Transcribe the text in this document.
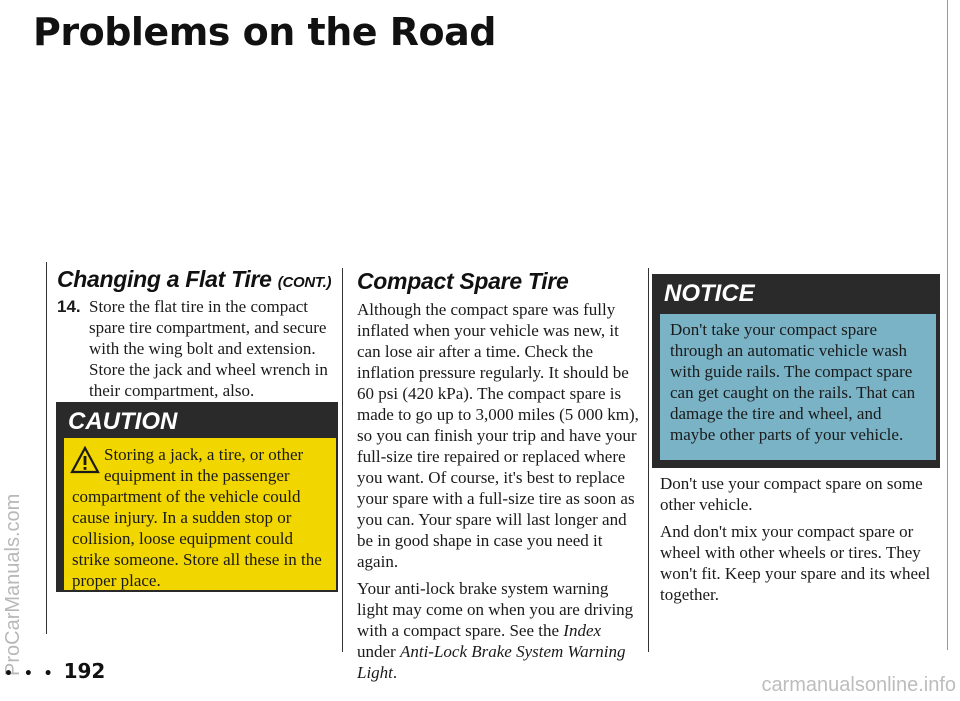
Problems on the Road
ProCarManuals.com
Changing a Flat Tire (CONT.)
14. Store the flat tire in the compact spare tire compartment, and secure with the wing bolt and extension. Store the jack and wheel wrench in their compartment, also.
CAUTION
Storing a jack, a tire, or other equipment in the passenger compartment of the vehicle could cause injury. In a sudden stop or collision, loose equipment could strike someone. Store all these in the proper place.
Compact Spare Tire

Although the compact spare was fully inflated when your vehicle was new, it can lose air after a time. Check the inflation pressure regularly. It should be 60 psi (420 kPa). The compact spare is made to go up to 3,000 miles (5 000 km), so you can finish your trip and have your full-size tire repaired or replaced where you want. Of course, it's best to replace your spare with a full-size tire as soon as you can. Your spare will last longer and be in good shape in case you need it again.

Your anti-lock brake system warning light may come on when you are driving with a compact spare. See the Index under Anti-Lock Brake System Warning Light.

NOTICE
Don't take your compact spare through an automatic vehicle wash with guide rails. The compact spare can get caught on the rails. That can damage the tire and wheel, and maybe other parts of your vehicle.

Don't use your compact spare on some other vehicle.

And don't mix your compact spare or wheel with other wheels or tires. They won't fit. Keep your spare and its wheel together.

• • • 192
carmanualsonline.info
